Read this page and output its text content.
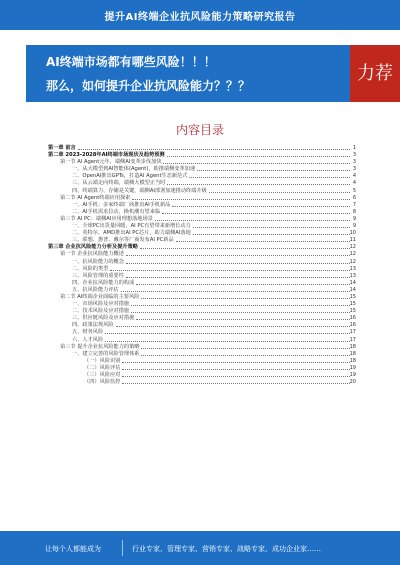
提升AI终端企业抗风险能力策略研究报告
AI终端市场都有哪些风险！！！
那么，如何提升企业抗风险能力？？？
力荐
内容目录
第一章 前言	1
第二章 2023-2028年AI终端市场现状及趋势预测	3
第一节 AI Agent元年，端侧AI变革步伐加快	3
一、从大模型到AI智能体(Agent)，助推端侧变革加速	3
二、OpenAI推出GPTs，打造AI Agent生态新范式	4
三、从云端走向终端，端侧大模型正当时	4
四、终端算力、存储是关键，端侧AI部署加速推动终端升级	5
第二节 AI Agent终端应用探索	6
一、AI手机：多家终端厂商推出AI手机新品	7
二、AI手机需求拉动，换机潮有望来临	8
第三节 AI PC：端侧AI应用理想落地场景	9
一、全球PC出货量回暖，AI PC有望带来新增长动力	9
二、英特尔、AMD推出AI PC芯片，助力端侧AI落地	10
三、联想、惠普、戴尔等厂商发布AI PC新品	11
第三章 企业抗风险能力分析及提升策略	12
第一节 企业抗风险能力概述	12
一、抗风险能力的概念	12
二、风险的类型	13
三、风险管理的重要性	13
四、企业抗风险能力的构成	14
五、抗风险能力评估	14
第二节 AI终端企业面临的主要风险	15
一、市场风险及应对措施	15
二、技术风险及应对措施	15
三、供应链风险及应对措施	16
四、政策法规风险	16
五、财务风险	17
六、人才风险	17
第三节 提升企业抗风险能力的策略	18
一、建立完善的风险管理体系	18
（一）风险识别	18
（二）风险评估	19
（三）风险应对	19
（四）风险监控	20
让每个人都能成为	行业专家、管理专家、营销专家、战略专家、成功企业家……
